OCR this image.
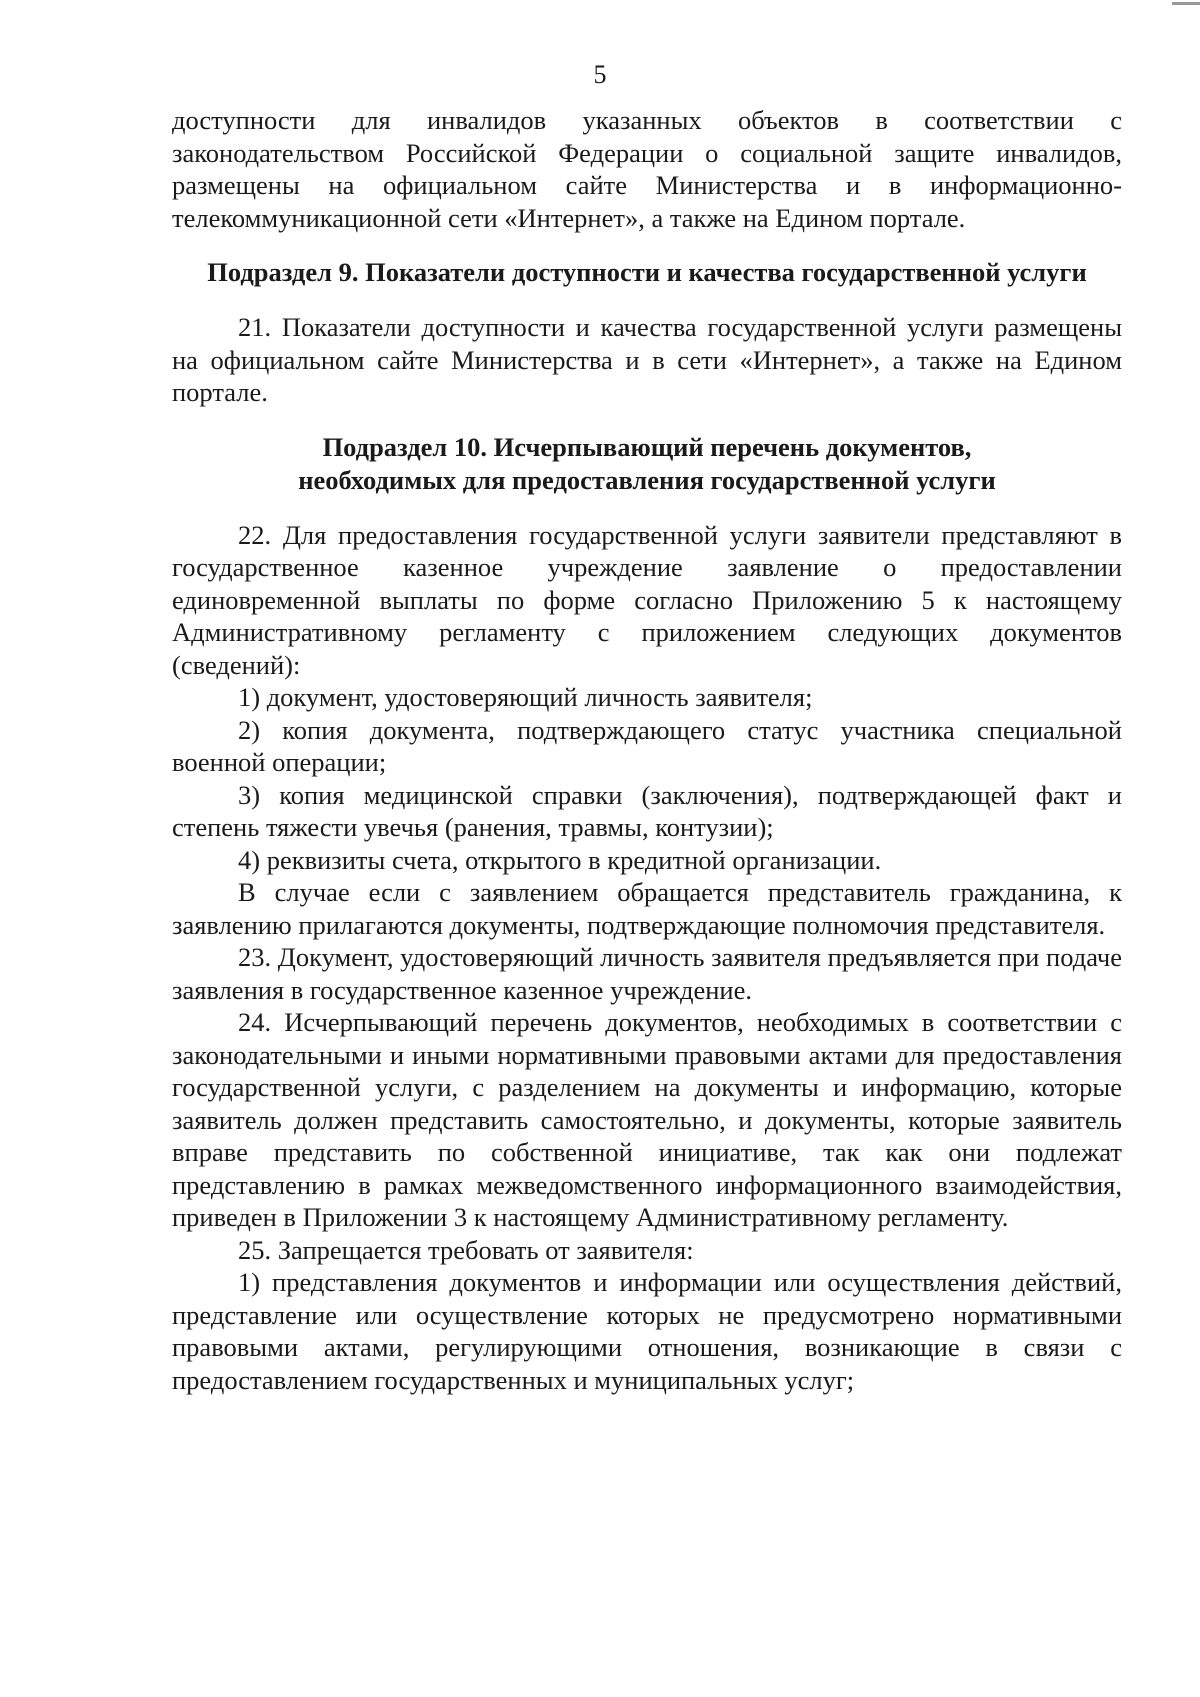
5

доступности для инвалидов указанных объектов в соответствии с законодательством Российской Федерации о социальной защите инвалидов, размещены на официальном сайте Министерства и в информационно-телекоммуникационной сети «Интернет», а также на Едином портале.

Подраздел 9. Показатели доступности и качества государственной услуги

21. Показатели доступности и качества государственной услуги размещены на официальном сайте Министерства и в сети «Интернет», а также на Едином портале.

Подраздел 10. Исчерпывающий перечень документов,
необходимых для предоставления государственной услуги

22. Для предоставления государственной услуги заявители представляют в государственное казенное учреждение заявление о предоставлении единовременной выплаты по форме согласно Приложению 5 к настоящему Административному регламенту с приложением следующих документов (сведений):

1) документ, удостоверяющий личность заявителя;

2) копия документа, подтверждающего статус участника специальной военной операции;

3) копия медицинской справки (заключения), подтверждающей факт и степень тяжести увечья (ранения, травмы, контузии);

4) реквизиты счета, открытого в кредитной организации.

В случае если с заявлением обращается представитель гражданина, к заявлению прилагаются документы, подтверждающие полномочия представителя.

23. Документ, удостоверяющий личность заявителя предъявляется при подаче заявления в государственное казенное учреждение.

24. Исчерпывающий перечень документов, необходимых в соответствии с законодательными и иными нормативными правовыми актами для предоставления государственной услуги, с разделением на документы и информацию, которые заявитель должен представить самостоятельно, и документы, которые заявитель вправе представить по собственной инициативе, так как они подлежат представлению в рамках межведомственного информационного взаимодействия, приведен в Приложении 3 к настоящему Административному регламенту.

25. Запрещается требовать от заявителя:

1) представления документов и информации или осуществления действий, представление или осуществление которых не предусмотрено нормативными правовыми актами, регулирующими отношения, возникающие в связи с предоставлением государственных и муниципальных услуг;
